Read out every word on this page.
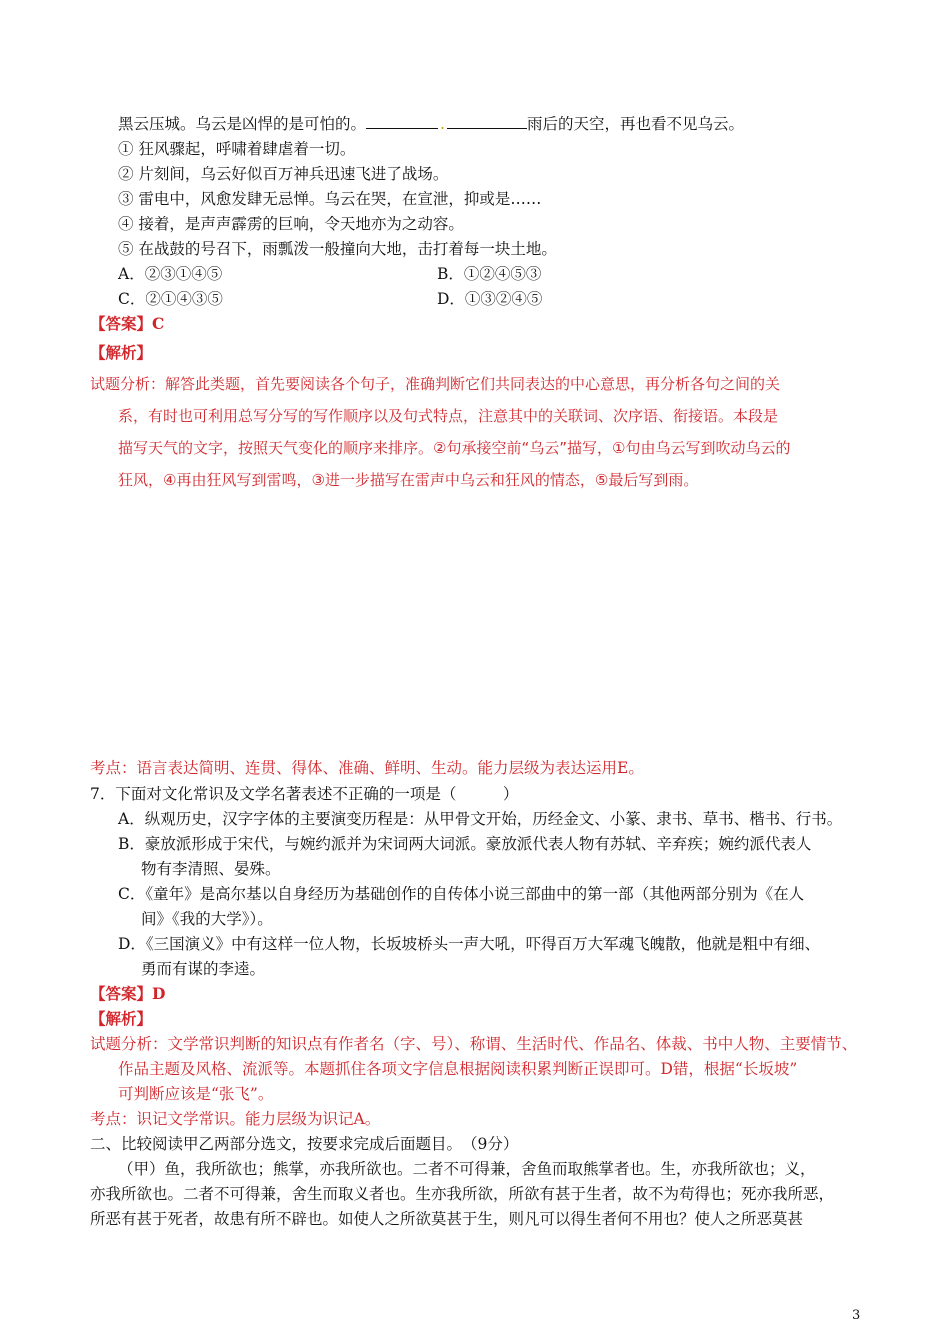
黑云压城。乌云是凶悍的是可怕的。	.	雨后的天空，再也看不见乌云。
① 狂风骤起，呼啸着肆虐着一切。
② 片刻间，乌云好似百万神兵迅速飞进了战场。
③ 雷电中，风愈发肆无忌惮。乌云在哭，在宣泄，抑或是……
④ 接着，是声声霹雳的巨响，令天地亦为之动容。
⑤ 在战鼓的号召下，雨瓢泼一般撞向大地，击打着每一块土地。
A．②③①④⑤	B．①②④⑤③
C．②①④③⑤	D．①③②④⑤
【答案】C
【解析】
试题分析：解答此类题，首先要阅读各个句子，准确判断它们共同表达的中心意思，再分析各句之间的关
系，有时也可利用总写分写的写作顺序以及句式特点，注意其中的关联词、次序语、衔接语。本段是
描写天气的文字，按照天气变化的顺序来排序。②句承接空前“乌云”描写，①句由乌云写到吹动乌云的
狂风，④再由狂风写到雷鸣，③进一步描写在雷声中乌云和狂风的情态，⑤最后写到雨。
考点：语言表达简明、连贯、得体、准确、鲜明、生动。能力层级为表达运用E。
7．下面对文化常识及文学名著表述不正确的一项是（　　　）
A．纵观历史，汉字字体的主要演变历程是：从甲骨文开始，历经金文、小篆、隶书、草书、楷书、行书。
B．豪放派形成于宋代，与婉约派并为宋词两大词派。豪放派代表人物有苏轼、辛弃疾；婉约派代表人
物有李清照、晏殊。
C．《童年》是高尔基以自身经历为基础创作的自传体小说三部曲中的第一部（其他两部分别为《在人
间》《我的大学》）。
D．《三国演义》中有这样一位人物，长坂坡桥头一声大吼，吓得百万大军魂飞魄散，他就是粗中有细、
勇而有谋的李逵。
【答案】D
【解析】
试题分析：文学常识判断的知识点有作者名（字、号）、称谓、生活时代、作品名、体裁、书中人物、主要情节、
作品主题及风格、流派等。本题抓住各项文字信息根据阅读积累判断正误即可。D错，根据“长坂坡”
可判断应该是“张飞”。
考点：识记文学常识。能力层级为识记A。
二、比较阅读甲乙两部分选文，按要求完成后面题目。　（9分）
（甲）鱼，我所欲也；熊掌，亦我所欲也。二者不可得兼，舍鱼而取熊掌者也。生，亦我所欲也；义，
亦我所欲也。二者不可得兼，舍生而取义者也。生亦我所欲，所欲有甚于生者，故不为苟得也；死亦我所恶，
所恶有甚于死者，故患有所不辟也。如使人之所欲莫甚于生，则凡可以得生者何不用也？使人之所恶莫甚
3
